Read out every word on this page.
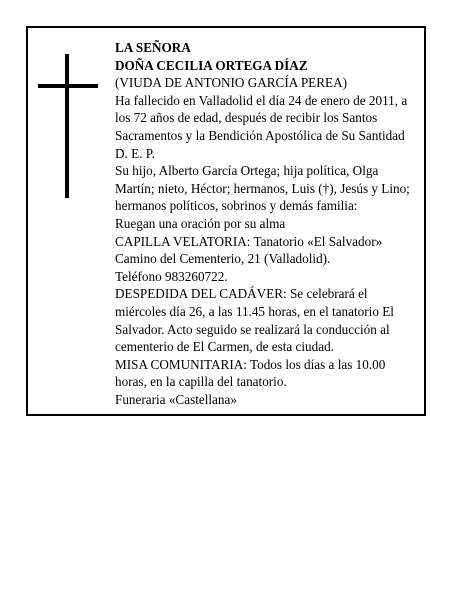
LA SEÑORA
DOÑA CECILIA ORTEGA DÍAZ
(VIUDA DE ANTONIO GARCÍA PEREA)
Ha fallecido en Valladolid el día 24 de enero de 2011, a los 72 años de edad, después de recibir los Santos Sacramentos y la Bendición Apostólica de Su Santidad
D. E. P.
Su hijo, Alberto García Ortega; hija política, Olga Martín; nieto, Héctor; hermanos, Luis (†), Jesús y Lino; hermanos políticos, sobrinos y demás familia:
Ruegan una oración por su alma
CAPILLA VELATORIA: Tanatorio «El Salvador» Camino del Cementerio, 21 (Valladolid).
Teléfono 983260722.
DESPEDIDA DEL CADÁVER: Se celebrará el miércoles día 26, a las 11.45 horas, en el tanatorio El Salvador. Acto seguido se realizará la conducción al cementerio de El Carmen, de esta ciudad.
MISA COMUNITARIA: Todos los días a las 10.00 horas, en la capilla del tanatorio.
Funeraria «Castellana»
